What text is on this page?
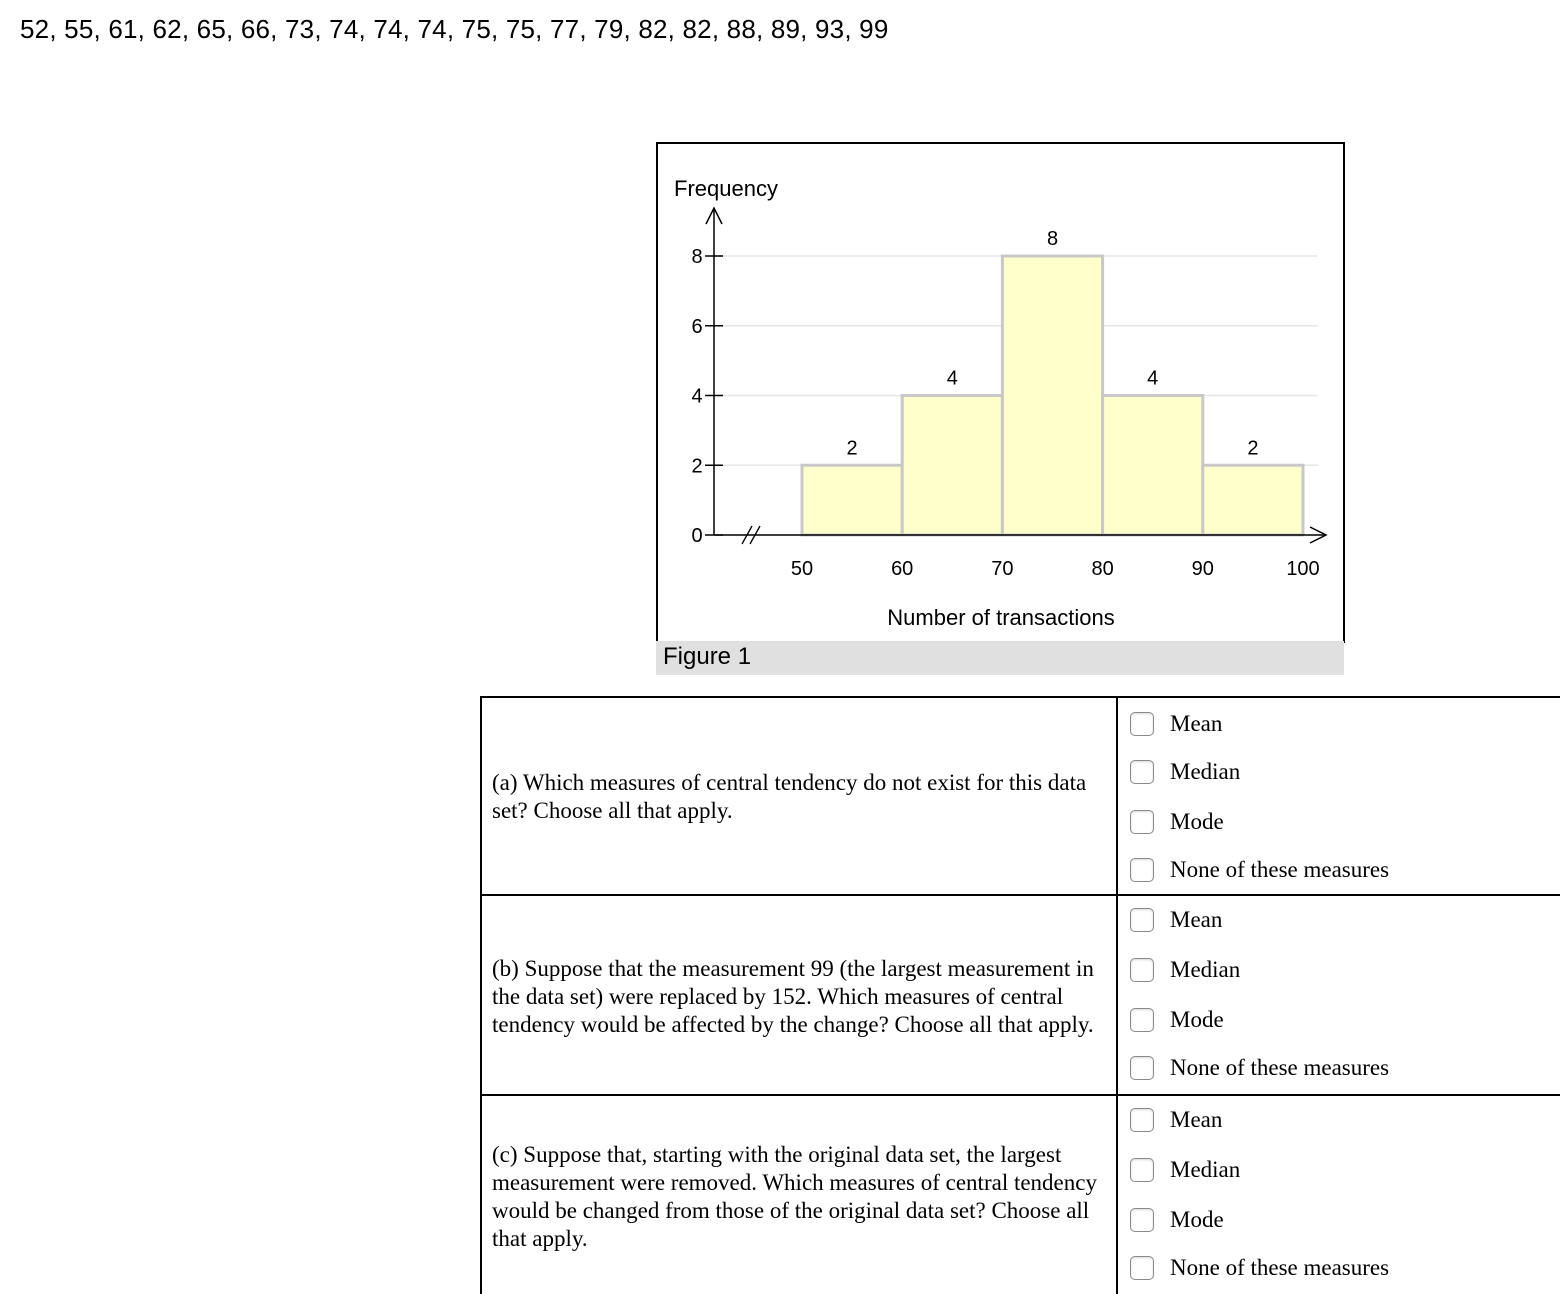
52, 55, 61, 62, 65, 66, 73, 74, 74, 74, 75, 75, 77, 79, 82, 82, 88, 89, 93, 99
2
4
8
4
2
0
2
4
6
8
50	60	70	80	90	100
Frequency
Number of transactions
Figure 1
(a) Which measures of central tendency do not exist for this data set? Choose all that apply.
Mean
Median
Mode
None of these measures
(b) Suppose that the measurement 99 (the largest measurement in the data set) were replaced by 152. Which measures of central tendency would be affected by the change? Choose all that apply.
Mean
Median
Mode
None of these measures
(c) Suppose that, starting with the original data set, the largest measurement were removed. Which measures of central tendency would be changed from those of the original data set? Choose all that apply.
Mean
Median
Mode
None of these measures
